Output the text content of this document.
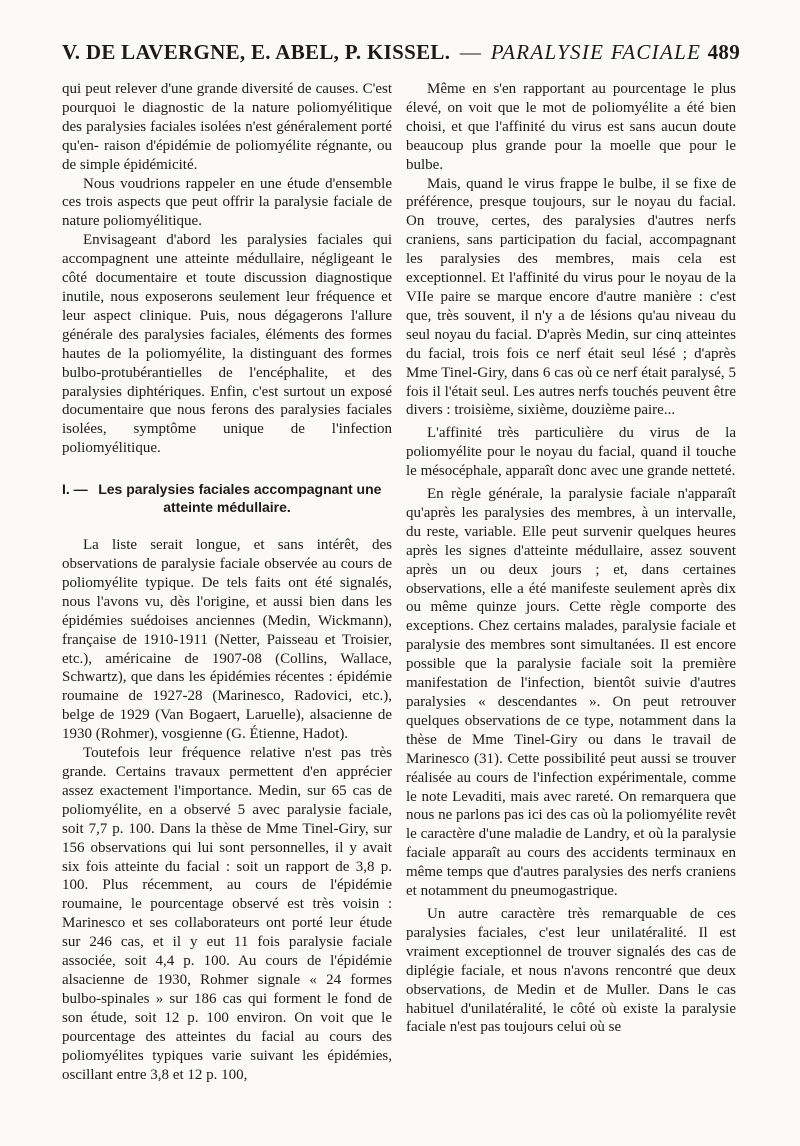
V. DE LAVERGNE, E. ABEL, P. KISSEL. — PARALYSIE FACIALE 489

qui peut relever d'une grande diversité de causes. C'est pourquoi le diagnostic de la nature poliomyélitique des paralysies faciales isolées n'est généralement porté qu'en- raison d'épidémie de poliomyélite régnante, ou de simple épidémicité.

Nous voudrions rappeler en une étude d'ensemble ces trois aspects que peut offrir la paralysie faciale de nature poliomyélitique.

Envisageant d'abord les paralysies faciales qui accompagnent une atteinte médullaire, négligeant le côté documentaire et toute discussion diagnostique inutile, nous exposerons seulement leur fréquence et leur aspect clinique. Puis, nous dégagerons l'allure générale des paralysies faciales, éléments des formes hautes de la poliomyélite, la distinguant des formes bulbo-protubérantielles de l'encéphalite, et des paralysies diphtériques. Enfin, c'est surtout un exposé documentaire que nous ferons des paralysies faciales isolées, symptôme unique de l'infection poliomyélitique.

I. — Les paralysies faciales accompagnant une atteinte médullaire.

La liste serait longue, et sans intérêt, des observations de paralysie faciale observée au cours de poliomyélite typique. De tels faits ont été signalés, nous l'avons vu, dès l'origine, et aussi bien dans les épidémies suédoises anciennes (Medin, Wickmann), française de 1910-1911 (Netter, Paisseau et Troisier, etc.), américaine de 1907-08 (Collins, Wallace, Schwartz), que dans les épidémies récentes : épidémie roumaine de 1927-28 (Marinesco, Radovici, etc.), belge de 1929 (Van Bogaert, Laruelle), alsacienne de 1930 (Rohmer), vosgienne (G. Étienne, Hadot).

Toutefois leur fréquence relative n'est pas très grande. Certains travaux permettent d'en apprécier assez exactement l'importance. Medin, sur 65 cas de poliomyélite, en a observé 5 avec paralysie faciale, soit 7,7 p. 100. Dans la thèse de Mme Tinel-Giry, sur 156 observations qui lui sont personnelles, il y avait six fois atteinte du facial : soit un rapport de 3,8 p. 100. Plus récemment, au cours de l'épidémie roumaine, le pourcentage observé est très voisin : Marinesco et ses collaborateurs ont porté leur étude sur 246 cas, et il y eut 11 fois paralysie faciale associée, soit 4,4 p. 100. Au cours de l'épidémie alsacienne de 1930, Rohmer signale « 24 formes bulbo-spinales » sur 186 cas qui forment le fond de son étude, soit 12 p. 100 environ. On voit que le pourcentage des atteintes du facial au cours des poliomyélites typiques varie suivant les épidémies, oscillant entre 3,8 et 12 p. 100,

Même en s'en rapportant au pourcentage le plus élevé, on voit que le mot de poliomyélite a été bien choisi, et que l'affinité du virus est sans aucun doute beaucoup plus grande pour la moelle que pour le bulbe.

Mais, quand le virus frappe le bulbe, il se fixe de préférence, presque toujours, sur le noyau du facial. On trouve, certes, des paralysies d'autres nerfs craniens, sans participation du facial, accompagnant les paralysies des membres, mais cela est exceptionnel. Et l'affinité du virus pour le noyau de la VIIe paire se marque encore d'autre manière : c'est que, très souvent, il n'y a de lésions qu'au niveau du seul noyau du facial. D'après Medin, sur cinq atteintes du facial, trois fois ce nerf était seul lésé ; d'après Mme Tinel-Giry, dans 6 cas où ce nerf était paralysé, 5 fois il l'était seul. Les autres nerfs touchés peuvent être divers : troisième, sixième, douzième paire...

L'affinité très particulière du virus de la poliomyélite pour le noyau du facial, quand il touche le mésocéphale, apparaît donc avec une grande netteté.

En règle générale, la paralysie faciale n'apparaît qu'après les paralysies des membres, à un intervalle, du reste, variable. Elle peut survenir quelques heures après les signes d'atteinte médullaire, assez souvent après un ou deux jours ; et, dans certaines observations, elle a été manifeste seulement après dix ou même quinze jours. Cette règle comporte des exceptions. Chez certains malades, paralysie faciale et paralysie des membres sont simultanées. Il est encore possible que la paralysie faciale soit la première manifestation de l'infection, bientôt suivie d'autres paralysies « descendantes ». On peut retrouver quelques observations de ce type, notamment dans la thèse de Mme Tinel-Giry ou dans le travail de Marinesco (31). Cette possibilité peut aussi se trouver réalisée au cours de l'infection expérimentale, comme le note Levaditi, mais avec rareté. On remarquera que nous ne parlons pas ici des cas où la poliomyélite revêt le caractère d'une maladie de Landry, et où la paralysie faciale apparaît au cours des accidents terminaux en même temps que d'autres paralysies des nerfs craniens et notamment du pneumogastrique.

Un autre caractère très remarquable de ces paralysies faciales, c'est leur unilatéralité. Il est vraiment exceptionnel de trouver signalés des cas de diplégie faciale, et nous n'avons rencontré que deux observations, de Medin et de Muller. Dans le cas habituel d'unilatéralité, le côté où existe la paralysie faciale n'est pas toujours celui où se
